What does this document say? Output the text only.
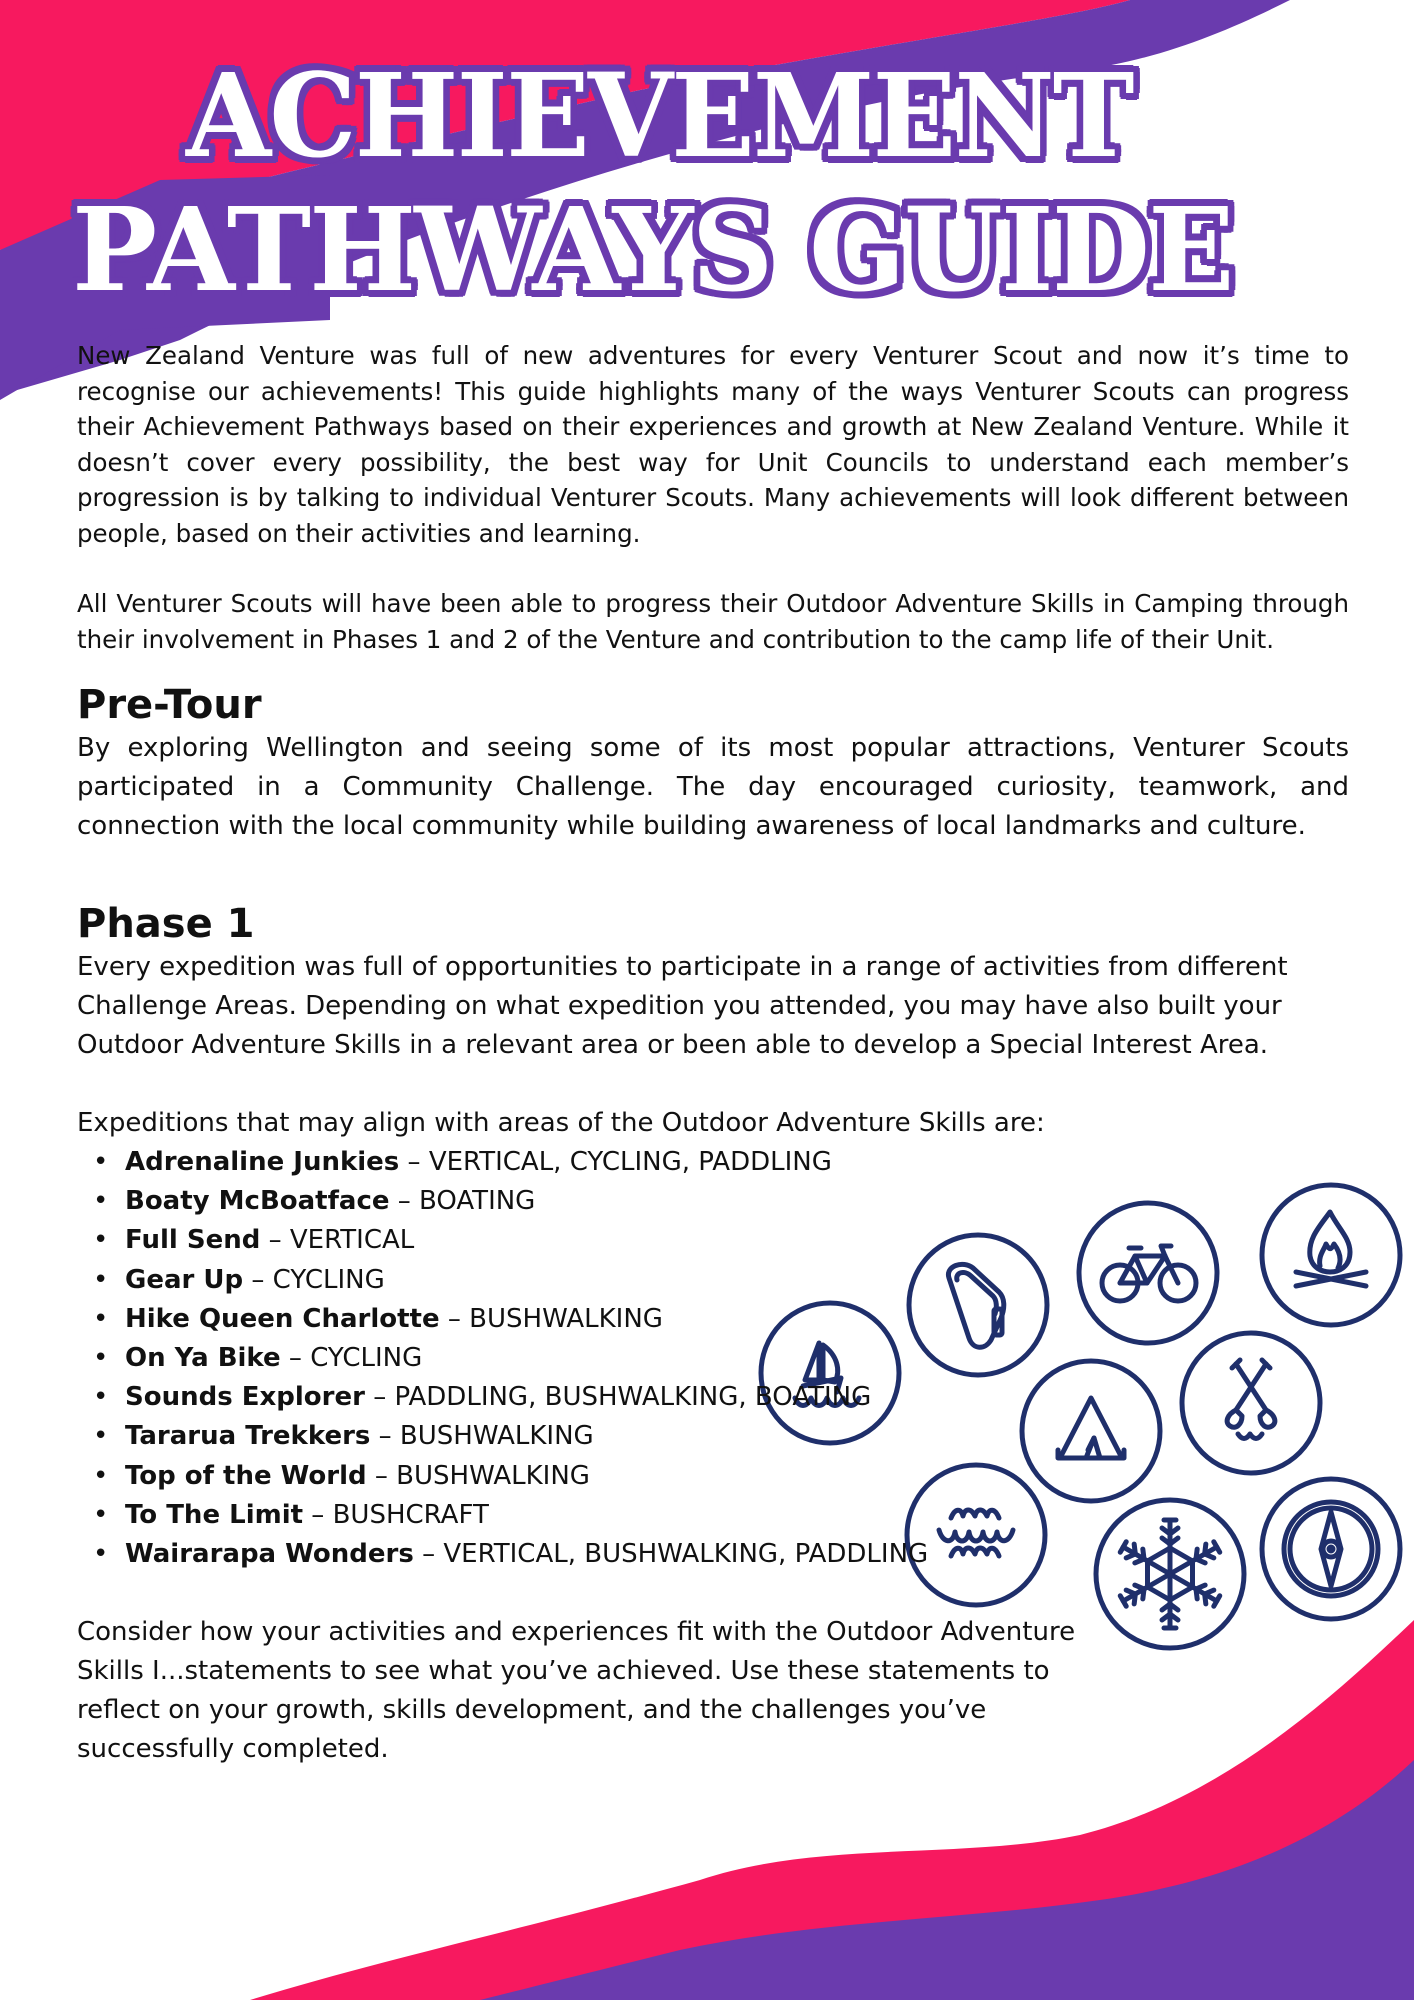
ACHIEVEMENT
PATHWAYS GUIDE

New Zealand Venture was full of new adventures for every Venturer Scout and now it’s time to recognise our achievements! This guide highlights many of the ways Venturer Scouts can progress their Achievement Pathways based on their experiences and growth at New Zealand Venture. While it doesn’t cover every possibility, the best way for Unit Councils to understand each member’s progression is by talking to individual Venturer Scouts. Many achievements will look different between people, based on their activities and learning.

All Venturer Scouts will have been able to progress their Outdoor Adventure Skills in Camping through their involvement in Phases 1 and 2 of the Venture and contribution to the camp life of their Unit.

Pre-Tour

By exploring Wellington and seeing some of its most popular attractions, Venturer Scouts participated in a Community Challenge. The day encouraged curiosity, teamwork, and connection with the local community while building awareness of local landmarks and culture.

Phase 1

Every expedition was full of opportunities to participate in a range of activities from different Challenge Areas. Depending on what expedition you attended, you may have also built your Outdoor Adventure Skills in a relevant area or been able to develop a Special Interest Area.

Expeditions that may align with areas of the Outdoor Adventure Skills are:

• Adrenaline Junkies – VERTICAL, CYCLING, PADDLING
• Boaty McBoatface – BOATING
• Full Send – VERTICAL
• Gear Up – CYCLING
• Hike Queen Charlotte – BUSHWALKING
• On Ya Bike – CYCLING
• Sounds Explorer – PADDLING, BUSHWALKING, BOATING
• Tararua Trekkers – BUSHWALKING
• Top of the World – BUSHWALKING
• To The Limit – BUSHCRAFT
• Wairarapa Wonders – VERTICAL, BUSHWALKING, PADDLING

Consider how your activities and experiences fit with the Outdoor Adventure Skills I...statements to see what you’ve achieved. Use these statements to reflect on your growth, skills development, and the challenges you’ve successfully completed.
